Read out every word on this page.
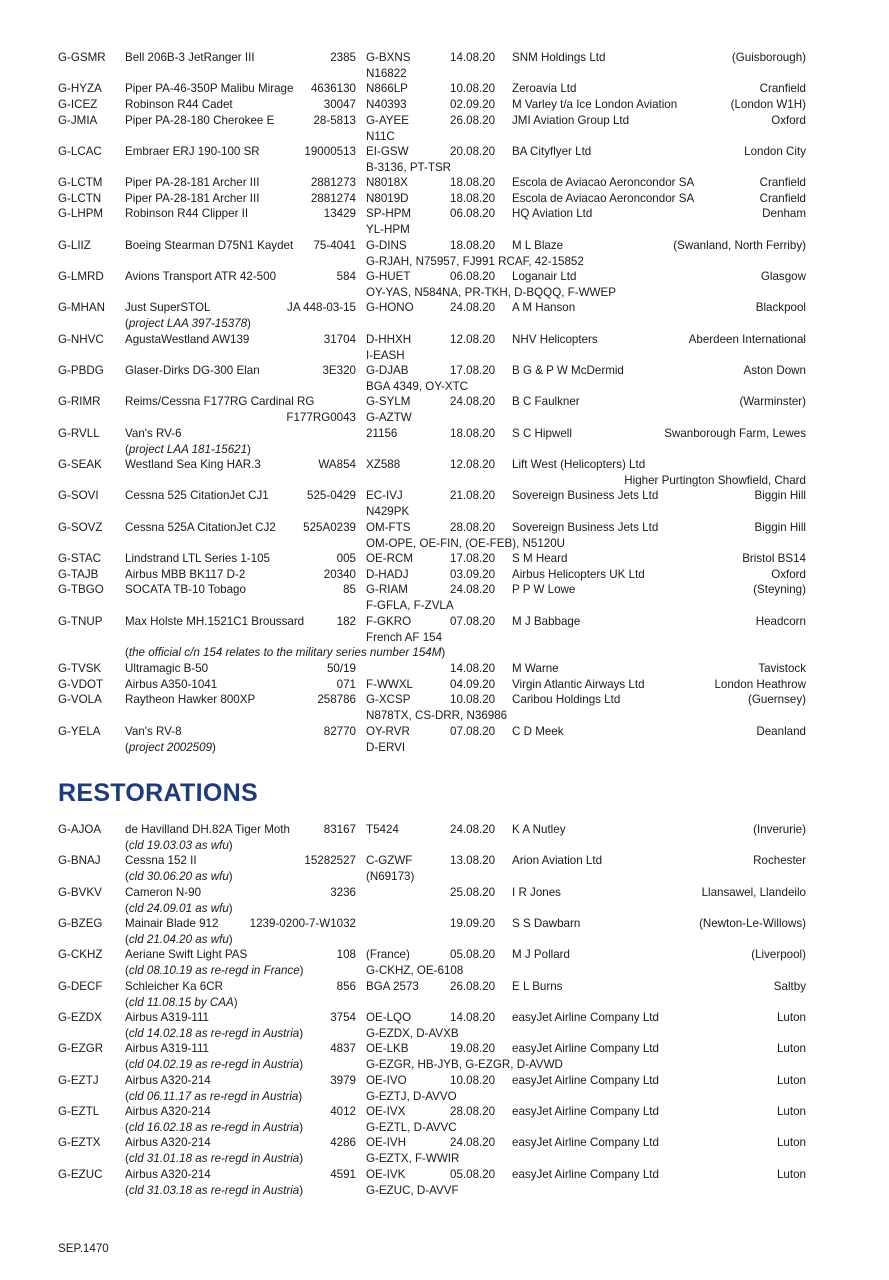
G-GSMR Bell 206B-3 JetRanger III	2385 G-BXNS	14.08.20 SNM Holdings Ltd	(Guisborough)
N16822
G-HYZA Piper PA-46-350P Malibu Mirage	4636130 N866LP	10.08.20 Zeroavia Ltd	Cranfield
G-ICEZ Robinson R44 Cadet	30047 N40393	02.09.20 M Varley t/a Ice London Aviation	(London W1H)
G-JMIA Piper PA-28-180 Cherokee E	28-5813 G-AYEE	26.08.20 JMI Aviation Group Ltd	Oxford
N11C
G-LCAC Embraer ERJ 190-100 SR	19000513 EI-GSW	20.08.20 BA Cityflyer Ltd	London City
B-3136, PT-TSR
G-LCTM Piper PA-28-181 Archer III	2881273 N8018X	18.08.20 Escola de Aviacao Aeroncondor SA	Cranfield
G-LCTN Piper PA-28-181 Archer III	2881274 N8019D	18.08.20 Escola de Aviacao Aeroncondor SA	Cranfield
G-LHPM Robinson R44 Clipper II	13429 SP-HPM	06.08.20 HQ Aviation Ltd	Denham
YL-HPM
G-LIIZ	Boeing Stearman D75N1 Kaydet	75-4041 G-DINS	18.08.20 M L Blaze	(Swanland, North Ferriby)
G-RJAH, N75957, FJ991 RCAF, 42-15852
G-LMRD Avions Transport ATR 42-500	584 G-HUET	06.08.20 Loganair Ltd	Glasgow
OY-YAS, N584NA, PR-TKH, D-BQQQ, F-WWEP
G-MHAN Just SuperSTOL	JA 448-03-15 G-HONO	24.08.20 A M Hanson	Blackpool
(project LAA 397-15378)
G-NHVC AgustaWestland AW139	31704 D-HHXH	12.08.20 NHV Helicopters	Aberdeen International
I-EASH
G-PBDG Glaser-Dirks DG-300 Elan	3E320 G-DJAB	17.08.20 B G & P W McDermid	Aston Down
BGA 4349, OY-XTC
G-RIMR Reims/Cessna F177RG Cardinal RG	G-SYLM	24.08.20 B C Faulkner	(Warminster)
F177RG0043 G-AZTW
G-RVLL Van's RV-6	21156	18.08.20 S C Hipwell	Swanborough Farm, Lewes
(project LAA 181-15621)
G-SEAK Westland Sea King HAR.3	WA854 XZ588	12.08.20 Lift West (Helicopters) Ltd
Higher Purtington Showfield, Chard
G-SOVI Cessna 525 CitationJet CJ1	525-0429 EC-IVJ	21.08.20 Sovereign Business Jets Ltd	Biggin Hill
N429PK
G-SOVZ Cessna 525A CitationJet CJ2	525A0239 OM-FTS	28.08.20 Sovereign Business Jets Ltd	Biggin Hill
OM-OPE, OE-FIN, (OE-FEB), N5120U
G-STAC Lindstrand LTL Series 1-105	005 OE-RCM	17.08.20 S M Heard	Bristol BS14
G-TAJB Airbus MBB BK117 D-2	20340 D-HADJ	03.09.20 Airbus Helicopters UK Ltd	Oxford
G-TBGO SOCATA TB-10 Tobago	85 G-RIAM	24.08.20 P P W Lowe	(Steyning)
F-GFLA, F-ZVLA
G-TNUP Max Holste MH.1521C1 Broussard	182 F-GKRO	07.08.20 M J Babbage	Headcorn
French AF 154
(the official c/n 154 relates to the military series number 154M)
G-TVSK Ultramagic B-50	50/19	14.08.20 M Warne	Tavistock
G-VDOT Airbus A350-1041	071 F-WWXL	04.09.20 Virgin Atlantic Airways Ltd	London Heathrow
G-VOLA Raytheon Hawker 800XP	258786 G-XCSP	10.08.20 Caribou Holdings Ltd	(Guernsey)
N878TX, CS-DRR, N36986
G-YELA Van's RV-8	82770 OY-RVR	07.08.20 C D Meek	Deanland
(project 2002509)	D-ERVI
RESTORATIONS
G-AJOA de Havilland DH.82A Tiger Moth	83167 T5424	24.08.20 K A Nutley	(Inverurie)
(cld 19.03.03 as wfu)
G-BNAJ Cessna 152 II	15282527 C-GZWF	13.08.20 Arion Aviation Ltd	Rochester
(cld 30.06.20 as wfu)	(N69173)
G-BVKV Cameron N-90	3236	25.08.20 I R Jones	Llansawel, Llandeilo
(cld 24.09.01 as wfu)
G-BZEG Mainair Blade 912	1239-0200-7-W1032	19.09.20 S S Dawbarn	(Newton-Le-Willows)
(cld 21.04.20 as wfu)
G-CKHZ Aeriane Swift Light PAS	108 (France)	05.08.20 M J Pollard	(Liverpool)
(cld 08.10.19 as re-regd in France)	G-CKHZ, OE-6108
G-DECF Schleicher Ka 6CR	856 BGA 2573	26.08.20 E L Burns	Saltby
(cld 11.08.15 by CAA)
G-EZDX Airbus A319-111	3754 OE-LQO	14.08.20 easyJet Airline Company Ltd	Luton
(cld 14.02.18 as re-regd in Austria)	G-EZDX, D-AVXB
G-EZGR Airbus A319-111	4837 OE-LKB	19.08.20 easyJet Airline Company Ltd	Luton
(cld 04.02.19 as re-regd in Austria)	G-EZGR, HB-JYB, G-EZGR, D-AVWD
G-EZTJ Airbus A320-214	3979 OE-IVO	10.08.20 easyJet Airline Company Ltd	Luton
(cld 06.11.17 as re-regd in Austria)	G-EZTJ, D-AVVO
G-EZTL Airbus A320-214	4012 OE-IVX	28.08.20 easyJet Airline Company Ltd	Luton
(cld 16.02.18 as re-regd in Austria)	G-EZTL, D-AVVC
G-EZTX Airbus A320-214	4286 OE-IVH	24.08.20 easyJet Airline Company Ltd	Luton
(cld 31.01.18 as re-regd in Austria)	G-EZTX, F-WWIR
G-EZUC Airbus A320-214	4591 OE-IVK	05.08.20 easyJet Airline Company Ltd	Luton
(cld 31.03.18 as re-regd in Austria)	G-EZUC, D-AVVF
SEP.1470
